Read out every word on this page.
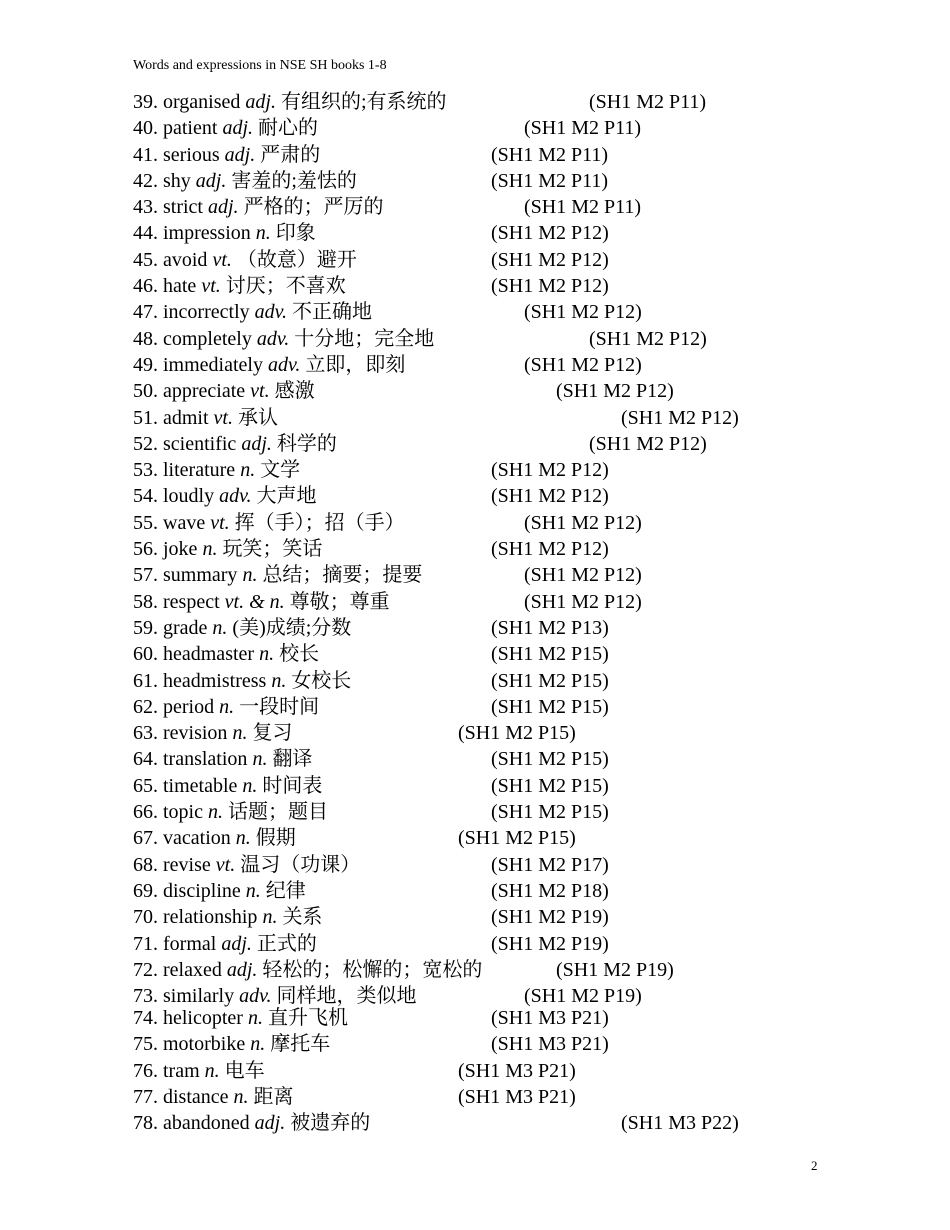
Words and expressions in NSE SH books 1-8
39. organised adj. 有组织的;有系统的	(SH1 M2 P11)
40. patient adj. 耐心的	(SH1 M2 P11)
41. serious adj. 严肃的	(SH1 M2 P11)
42. shy adj. 害羞的;羞怯的	(SH1 M2 P11)
43. strict adj. 严格的；严厉的	(SH1 M2 P11)
44. impression n. 印象	(SH1 M2 P12)
45. avoid vt. （故意）避开	(SH1 M2 P12)
46. hate vt. 讨厌；不喜欢	(SH1 M2 P12)
47. incorrectly adv. 不正确地	(SH1 M2 P12)
48. completely adv. 十分地；完全地	(SH1 M2 P12)
49. immediately adv. 立即，即刻	(SH1 M2 P12)
50. appreciate vt. 感激	(SH1 M2 P12)
51. admit vt. 承认	(SH1 M2 P12)
52. scientific adj. 科学的	(SH1 M2 P12)
53. literature n. 文学	(SH1 M2 P12)
54. loudly adv. 大声地	(SH1 M2 P12)
55. wave vt. 挥（手）；招（手）	(SH1 M2 P12)
56. joke n. 玩笑；笑话	(SH1 M2 P12)
57. summary n. 总结；摘要；提要	(SH1 M2 P12)
58. respect vt. & n. 尊敬；尊重	(SH1 M2 P12)
59. grade n. (美)成绩;分数	(SH1 M2 P13)
60. headmaster n. 校长	(SH1 M2 P15)
61. headmistress n. 女校长	(SH1 M2 P15)
62. period n. 一段时间	(SH1 M2 P15)
63. revision n. 复习	(SH1 M2 P15)
64. translation n. 翻译	(SH1 M2 P15)
65. timetable n. 时间表	(SH1 M2 P15)
66. topic n. 话题；题目	(SH1 M2 P15)
67. vacation n. 假期	(SH1 M2 P15)
68. revise vt. 温习（功课）	(SH1 M2 P17)
69. discipline n. 纪律	(SH1 M2 P18)
70. relationship n. 关系	(SH1 M2 P19)
71. formal adj. 正式的	(SH1 M2 P19)
72. relaxed adj. 轻松的；松懈的；宽松的	(SH1 M2 P19)
73. similarly adv. 同样地，类似地	(SH1 M2 P19)
74. helicopter n. 直升飞机	(SH1 M3 P21)
75. motorbike n. 摩托车	(SH1 M3 P21)
76. tram n. 电车	(SH1 M3 P21)
77. distance n. 距离	(SH1 M3 P21)
78. abandoned adj. 被遗弃的	(SH1 M3 P22)
2
